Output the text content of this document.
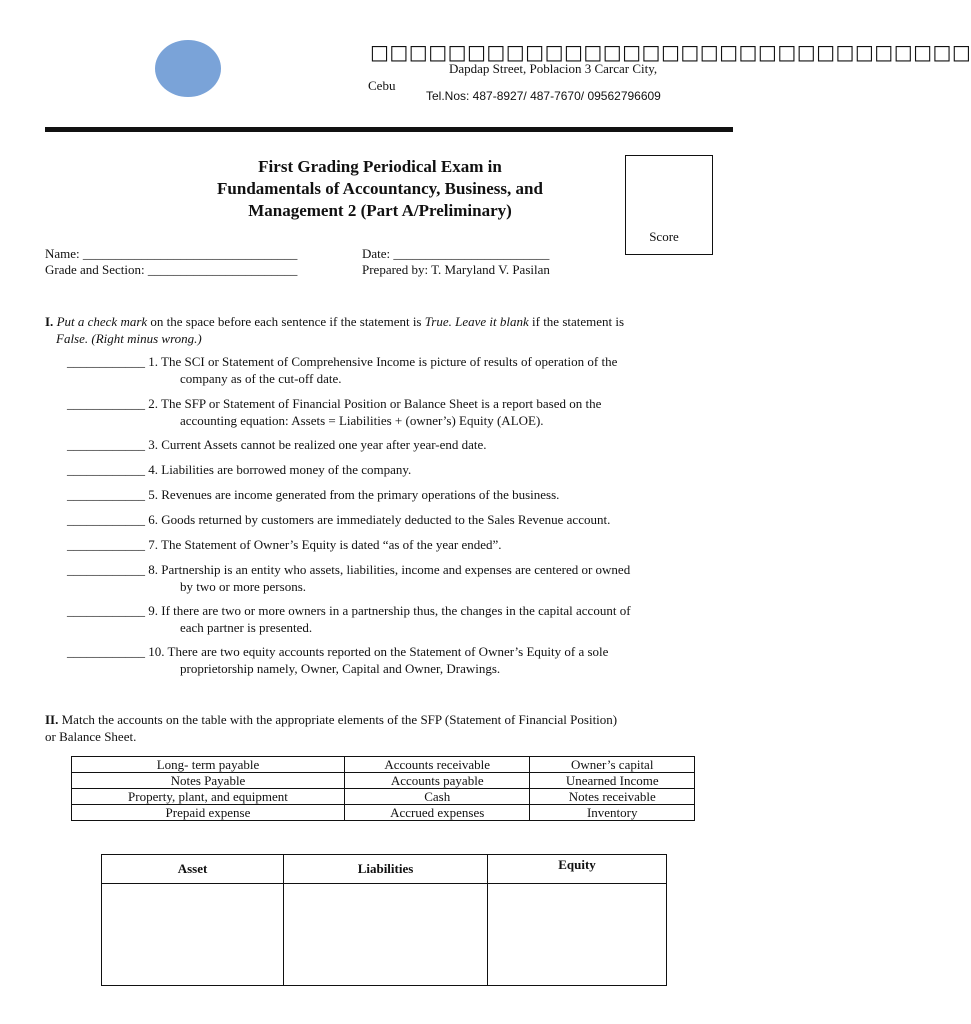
□□□□□□□□□□□□□□□□□□□□□□□□□□□□□□□
Dapdap Street, Poblacion 3 Carcar City,
Cebu
Tel.Nos: 487-8927/ 487-7670/ 09562796609
First Grading Periodical Exam in
Fundamentals of Accountancy, Business, and
Management 2 (Part A/Preliminary)
Score
Name: _________________________________	Date: ________________________
Grade and Section: _______________________	Prepared by: T. Maryland V. Pasilan
I. Put a check mark on the space before each sentence if the statement is True. Leave it blank if the statement is
False. (Right minus wrong.)
____________ 1. The SCI or Statement of Comprehensive Income is picture of results of operation of the
company as of the cut-off date.
____________ 2. The SFP or Statement of Financial Position or Balance Sheet is a report based on the
accounting equation: Assets = Liabilities + (owner’s) Equity (ALOE).
____________ 3. Current Assets cannot be realized one year after year-end date.
____________ 4. Liabilities are borrowed money of the company.
____________ 5. Revenues are income generated from the primary operations of the business.
____________ 6. Goods returned by customers are immediately deducted to the Sales Revenue account.
____________ 7. The Statement of Owner’s Equity is dated “as of the year ended”.
____________ 8. Partnership is an entity who assets, liabilities, income and expenses are centered or owned
by two or more persons.
____________ 9. If there are two or more owners in a partnership thus, the changes in the capital account of
each partner is presented.
____________ 10. There are two equity accounts reported on the Statement of Owner’s Equity of a sole
proprietorship namely, Owner, Capital and Owner, Drawings.
II. Match the accounts on the table with the appropriate elements of the SFP (Statement of Financial Position)
or Balance Sheet.
Long- term payable	Accounts receivable	Owner’s capital
Notes Payable	Accounts payable	Unearned Income
Property, plant, and equipment	Cash	Notes receivable
Prepaid expense	Accrued expenses	Inventory
Asset	Liabilities	Equity
